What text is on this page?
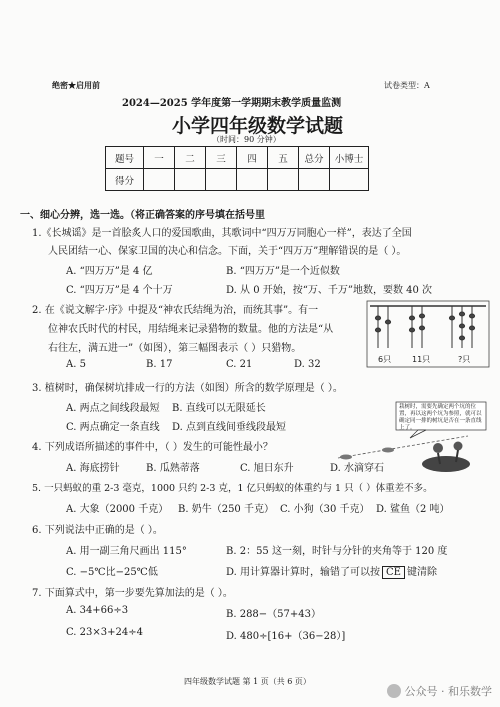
绝密★启用前	试卷类型：A
2024—2025 学年度第一学期期末教学质量监测
小学四年级数学试题
（时间：90 分钟）
题号	一	二	三	四	五	总分	小博士
得分							
一、细心分辨，选一选。（将正确答案的序号填在括号里
1.《长城谣》是一首脍炙人口的爱国歌曲，其歌词中“四万万同胞心一样”，表达了全国
人民团结一心、保家卫国的决心和信念。下面，关于“四万万”理解错误的是（ ）。
A. “四万万”是 4 亿	B. “四万万”是一个近似数
C. “四万万”是 4 个十万	D. 从 0 开始，按“万、千万”地数，要数 40 次
2. 在《说文解字·序》中提及“神农氏结绳为治，而统其事”。有一
位神农氏时代的村民，用结绳来记录猎物的数量。他的方法是“从
右往左，满五进一”（如图），第三幅图表示（ ）只猎物。
A. 5	B. 17	C. 21	D. 32	6只	11只	?只
3. 植树时，确保树坑排成一行的方法（如图）所含的数学原理是（ ）。
A. 两点之间线段最短 B. 直线可以无限延长
C. 两点确定一条直线 D. 点到直线间垂线段最短
栽树时，需要先确定两个坑的位置，再以这两个坑为参照，就可以确定同一排的树坑是否在一条直线上了。
4. 下列成语所描述的事件中，（ ）发生的可能性最小？
A. 海底捞针	B. 瓜熟蒂落	C. 旭日东升	D. 水滴穿石
5. 一只蚂蚁的重 2-3 毫克，1000 只约 2-3 克，1 亿只蚂蚁的体重约与 1 只（ ）体重差不多。
A. 大象（2000 千克） B. 奶牛（250 千克） C. 小狗（30 千克） D. 鲨鱼（2 吨）
6. 下列说法中正确的是（ ）。
A. 用一副三角尺画出 115°	B. 2：55 这一刻，时针与分针的夹角等于 120 度
C. −5℃比−25℃低	D. 用计算器计算时，输错了可以按 CE 键清除
7. 下面算式中，第一步要先算加法的是（ ）。
A. 34+66÷3	B. 288−（57+43）
C. 23×3+24÷4	D. 480÷[16+（36−28）]
四年级数学试题 第 1 页（共 6 页）
公众号 · 和乐数学
